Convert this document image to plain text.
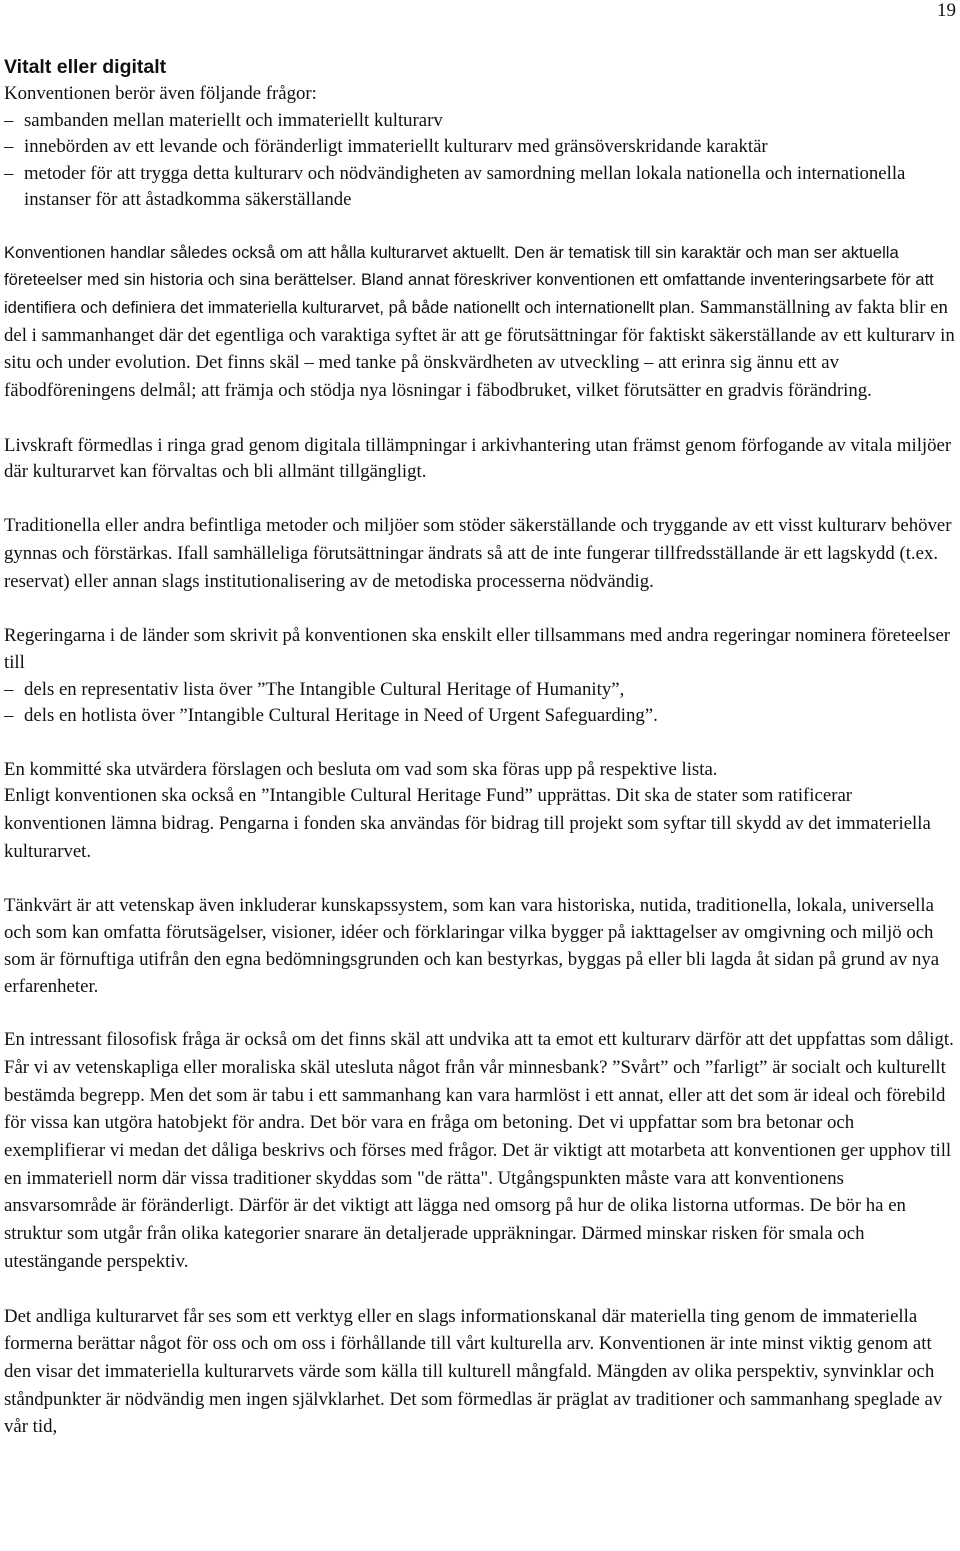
19
Vitalt eller digitalt
Konventionen berör även följande frågor:
– sambanden mellan materiellt och immateriellt kulturarv
– innebörden av ett levande och föränderligt immateriellt kulturarv med gränsöverskridande karaktär
– metoder för att trygga detta kulturarv och nödvändigheten av samordning mellan lokala nationella och internationella instanser för att åstadkomma säkerställande

Konventionen handlar således också om att hålla kulturarvet aktuellt. Den är tematisk till sin karaktär och man ser aktuella företeelser med sin historia och sina berättelser. Bland annat föreskriver konventionen ett omfattande inventeringsarbete för att identifiera och definiera det immateriella kulturarvet, på både nationellt och internationellt plan. Sammanställning av fakta blir en del i sammanhanget där det egentliga och varaktiga syftet är att ge förutsättningar för faktiskt säkerställande av ett kulturarv in situ och under evolution. Det finns skäl – med tanke på önskvärdheten av utveckling – att erinra sig ännu ett av fäbodföreningens delmål; att främja och stödja nya lösningar i fäbodbruket, vilket förutsätter en gradvis förändring.

Livskraft förmedlas i ringa grad genom digitala tillämpningar i arkivhantering utan främst genom förfogande av vitala miljöer där kulturarvet kan förvaltas och bli allmänt tillgängligt.

Traditionella eller andra befintliga metoder och miljöer som stöder säkerställande och tryggande av ett visst kulturarv behöver gynnas och förstärkas. Ifall samhälleliga förutsättningar ändrats så att de inte fungerar tillfredsställande är ett lagskydd (t.ex. reservat) eller annan slags institutionalisering av de metodiska processerna nödvändig.

Regeringarna i de länder som skrivit på konventionen ska enskilt eller tillsammans med andra regeringar nominera företeelser till

– dels en representativ lista över ”The Intangible Cultural Heritage of Humanity”,
– dels en hotlista över ”Intangible Cultural Heritage in Need of Urgent Safeguarding”.

En kommitté ska utvärdera förslagen och besluta om vad som ska föras upp på respektive lista.

Enligt konventionen ska också en ”Intangible Cultural Heritage Fund” upprättas. Dit ska de stater som ratificerar konventionen lämna bidrag. Pengarna i fonden ska användas för bidrag till projekt som syftar till skydd av det immateriella kulturarvet.

Tänkvärt är att vetenskap även inkluderar kunskapssystem, som kan vara historiska, nutida, traditionella, lokala, universella och som kan omfatta förutsägelser, visioner, idéer och förklaringar vilka bygger på iakttagelser av omgivning och miljö och som är förnuftiga utifrån den egna bedömningsgrunden och kan bestyrkas, byggas på eller bli lagda åt sidan på grund av nya erfarenheter.

En intressant filosofisk fråga är också om det finns skäl att undvika att ta emot ett kulturarv därför att det uppfattas som dåligt. Får vi av vetenskapliga eller moraliska skäl utesluta något från vår minnesbank? ”Svårt” och ”farligt” är socialt och kulturellt bestämda begrepp. Men det som är tabu i ett sammanhang kan vara harmlöst i ett annat, eller att det som är ideal och förebild för vissa kan utgöra hatobjekt för andra. Det bör vara en fråga om betoning. Det vi uppfattar som bra betonar och exemplifierar vi medan det dåliga beskrivs och förses med frågor. Det är viktigt att motarbeta att konventionen ger upphov till en immateriell norm där vissa traditioner skyddas som "de rätta". Utgångspunkten måste vara att konventionens ansvarsområde är föränderligt. Därför är det viktigt att lägga ned omsorg på hur de olika listorna utformas. De bör ha en struktur som utgår från olika kategorier snarare än detaljerade uppräkningar. Därmed minskar risken för smala och utestängande perspektiv.

Det andliga kulturarvet får ses som ett verktyg eller en slags informationskanal där materiella ting genom de immateriella formerna berättar något för oss och om oss i förhållande till vårt kulturella arv. Konventionen är inte minst viktig genom att den visar det immateriella kulturarvets värde som källa till kulturell mångfald. Mängden av olika perspektiv, synvinklar och ståndpunkter är nödvändig men ingen självklarhet. Det som förmedlas är präglat av traditioner och sammanhang speglade av vår tid,
